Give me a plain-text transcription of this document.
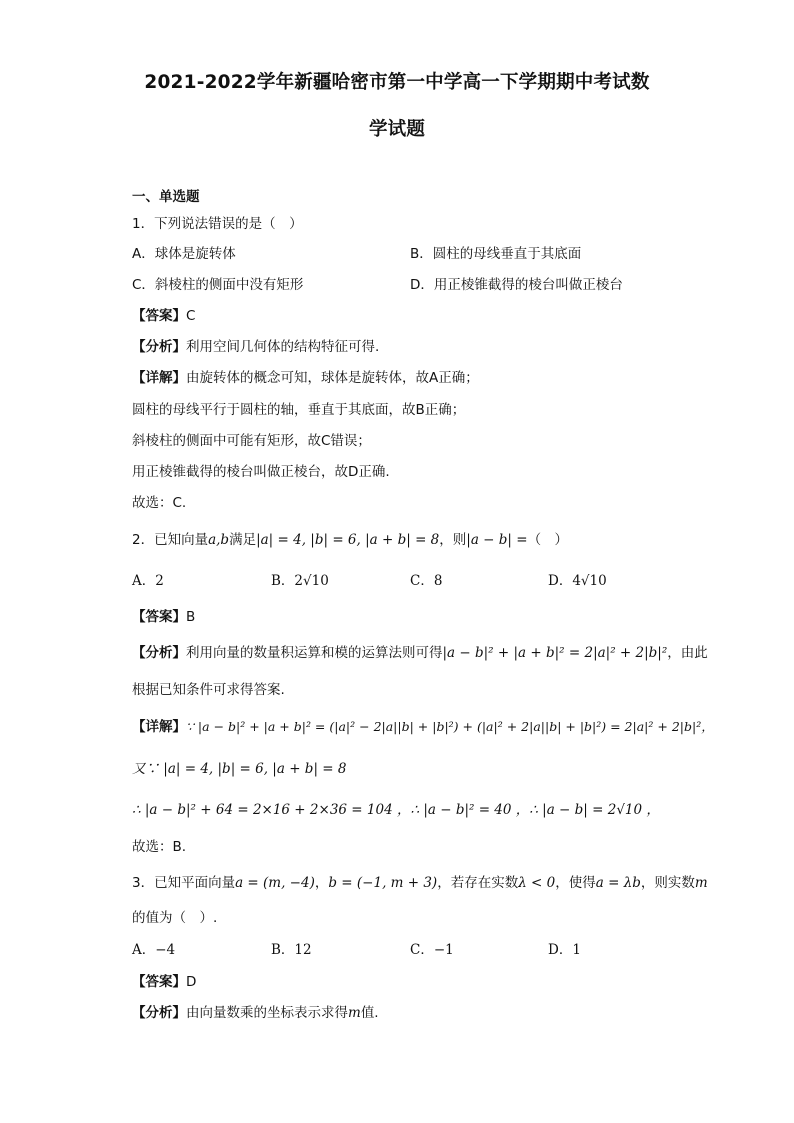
2021-2022学年新疆哈密市第一中学高一下学期期中考试数
学试题
一、单选题
1．下列说法错误的是（　）
A．球体是旋转体	B．圆柱的母线垂直于其底面
C．斜棱柱的侧面中没有矩形	D．用正棱锥截得的棱台叫做正棱台
【答案】C
【分析】利用空间几何体的结构特征可得.
【详解】由旋转体的概念可知，球体是旋转体，故A正确；
圆柱的母线平行于圆柱的轴，垂直于其底面，故B正确；
斜棱柱的侧面中可能有矩形，故C错误；
用正棱锥截得的棱台叫做正棱台，故D正确.
故选：C.
2．已知向量a,b满足|a| = 4, |b| = 6, |a + b| = 8，则|a − b| =（　）
A．2	B．2√10	C．8	D．4√10
【答案】B
【分析】利用向量的数量积运算和模的运算法则可得|a − b|² + |a + b|² = 2|a|² + 2|b|²，由此
根据已知条件可求得答案.
【详解】∵ |a − b|² + |a + b|² = (|a|² − 2|a||b| + |b|²) + (|a|² + 2|a||b| + |b|²) = 2|a|² + 2|b|²，
又∵ |a| = 4, |b| = 6, |a + b| = 8
∴ |a − b|² + 64 = 2×16 + 2×36 = 104 ，∴ |a − b|² = 40 ，∴ |a − b| = 2√10 ，
故选：B.
3．已知平面向量a = (m, −4)，b = (−1, m + 3)，若存在实数λ < 0，使得a = λb，则实数m
的值为（　）.
A．−4	B．12	C．−1	D．1
【答案】D
【分析】由向量数乘的坐标表示求得m值.
